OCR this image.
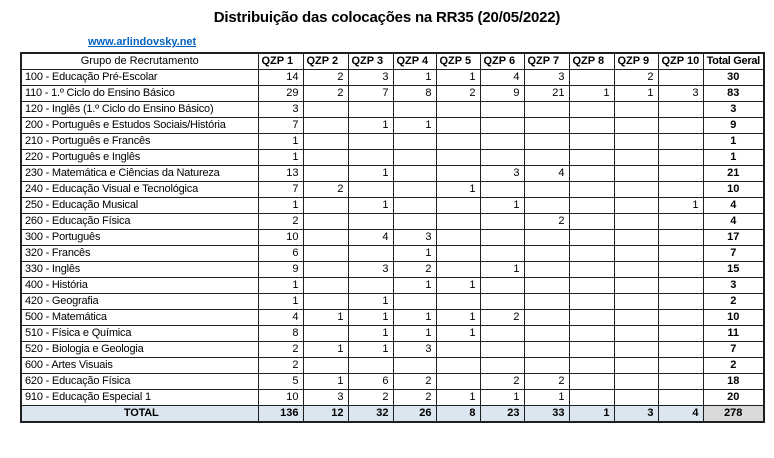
Distribuição das colocações na RR35 (20/05/2022)
www.arlindovsky.net
Grupo de Recrutamento	QZP 1	QZP 2	QZP 3	QZP 4	QZP 5	QZP 6	QZP 7	QZP 8	QZP 9	QZP 10	Total Geral
100 - Educação Pré-Escolar	14	2	3	1	1	4	3		2		30
110 - 1.º Ciclo do Ensino Básico	29	2	7	8	2	9	21	1	1	3	83
120 - Inglês (1.º Ciclo do Ensino Básico)	3										3
200 - Português e Estudos Sociais/História	7		1	1							9
210 - Português e Francês	1										1
220 - Português e Inglês	1										1
230 - Matemática e Ciências da Natureza	13		1			3	4				21
240 - Educação Visual e Tecnológica	7	2			1						10
250 - Educação Musical	1		1			1				1	4
260 - Educação Física	2						2				4
300 - Português	10		4	3							17
320 - Francês	6			1							7
330 - Inglês	9		3	2		1					15
400 - História	1			1	1						3
420 - Geografia	1		1								2
500 - Matemática	4	1	1	1	1	2					10
510 - Física e Química	8		1	1	1						11
520 - Biologia e Geologia	2	1	1	3							7
600 - Artes Visuais	2										2
620 - Educação Física	5	1	6	2		2	2				18
910 - Educação Especial 1	10	3	2	2	1	1	1				20
TOTAL	136	12	32	26	8	23	33	1	3	4	278
